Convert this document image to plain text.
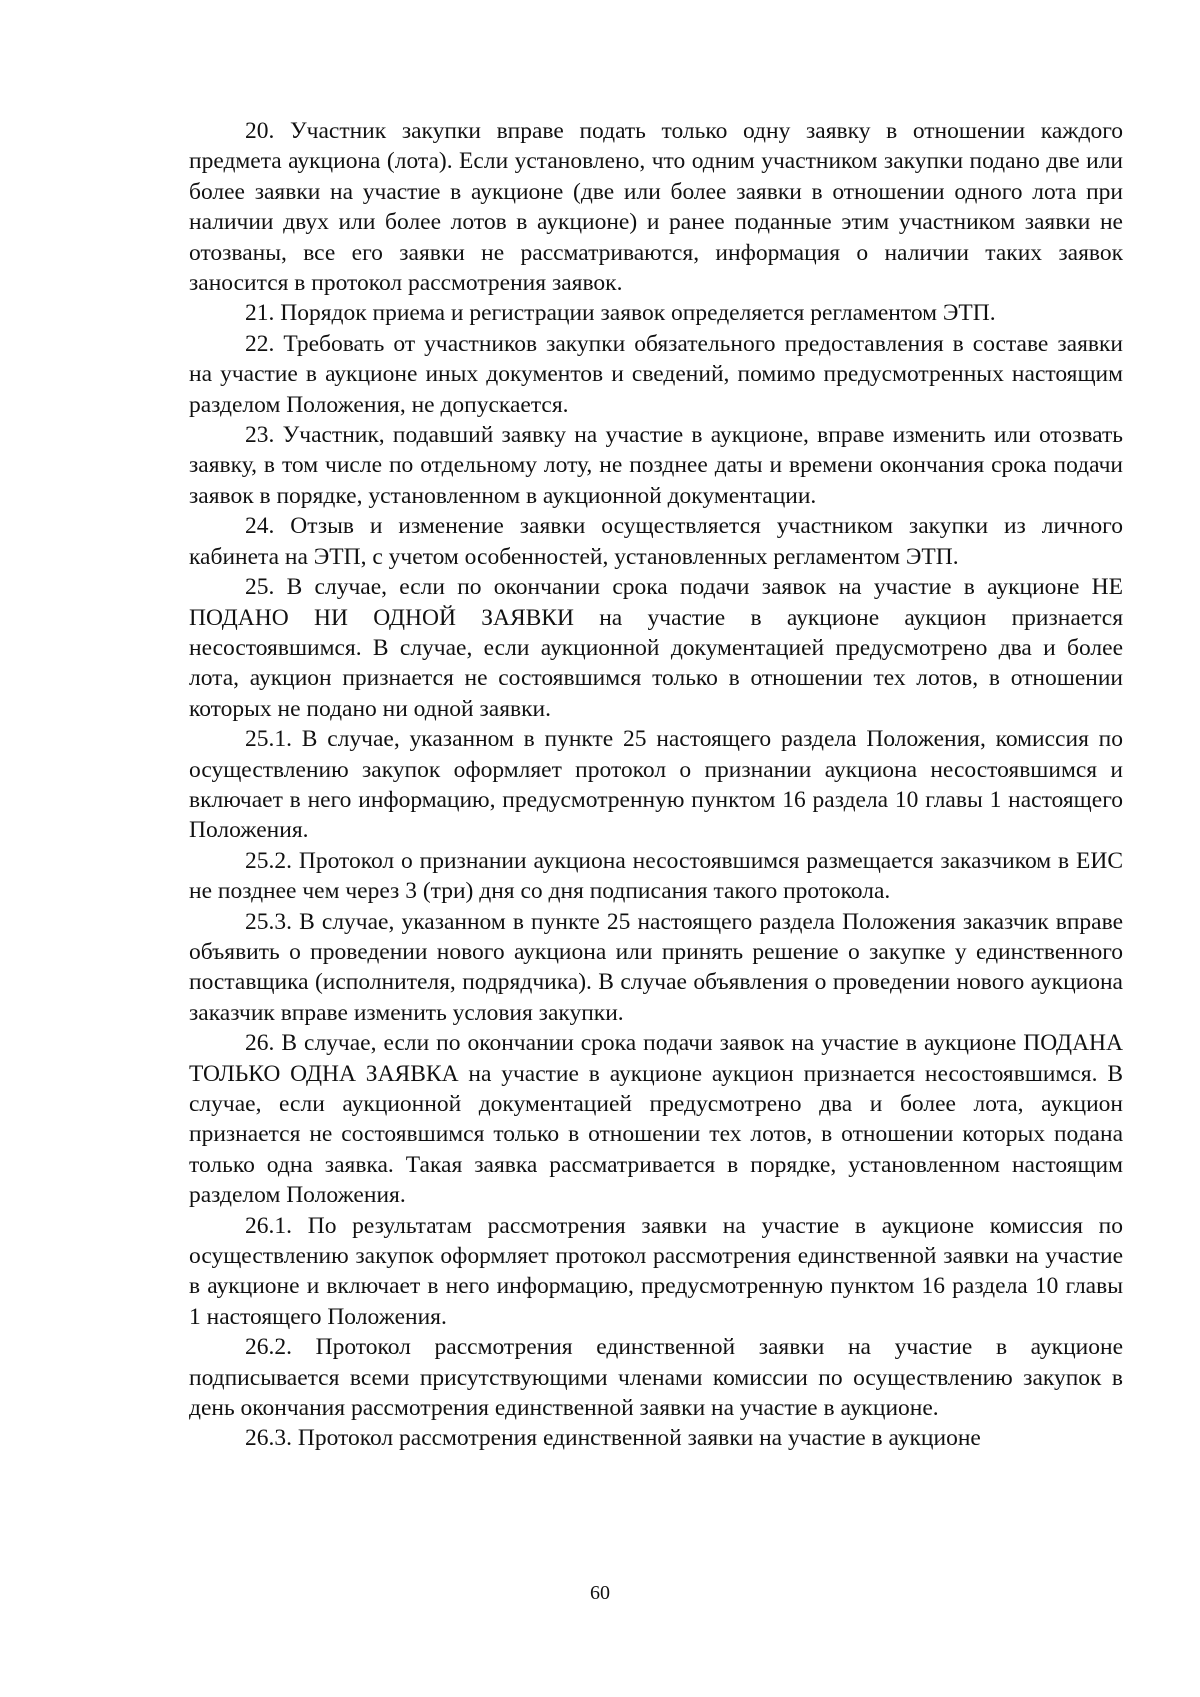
20. Участник закупки вправе подать только одну заявку в отношении каждого предмета аукциона (лота). Если установлено, что одним участником закупки подано две или более заявки на участие в аукционе (две или более заявки в отношении одного лота при наличии двух или более лотов в аукционе) и ранее поданные этим участником заявки не отозваны, все его заявки не рассматриваются, информация о наличии таких заявок заносится в протокол рассмотрения заявок.

21. Порядок приема и регистрации заявок определяется регламентом ЭТП.

22. Требовать от участников закупки обязательного предоставления в составе заявки на участие в аукционе иных документов и сведений, помимо предусмотренных настоящим разделом Положения, не допускается.

23. Участник, подавший заявку на участие в аукционе, вправе изменить или отозвать заявку, в том числе по отдельному лоту, не позднее даты и времени окончания срока подачи заявок в порядке, установленном в аукционной документации.

24. Отзыв и изменение заявки осуществляется участником закупки из личного кабинета на ЭТП, с учетом особенностей, установленных регламентом ЭТП.

25. В случае, если по окончании срока подачи заявок на участие в аукционе НЕ ПОДАНО НИ ОДНОЙ ЗАЯВКИ на участие в аукционе аукцион признается несостоявшимся. В случае, если аукционной документацией предусмотрено два и более лота, аукцион признается не состоявшимся только в отношении тех лотов, в отношении которых не подано ни одной заявки.

25.1. В случае, указанном в пункте 25 настоящего раздела Положения, комиссия по осуществлению закупок оформляет протокол о признании аукциона несостоявшимся и включает в него информацию, предусмотренную пунктом 16 раздела 10 главы 1 настоящего Положения.

25.2. Протокол о признании аукциона несостоявшимся размещается заказчиком в ЕИС не позднее чем через 3 (три) дня со дня подписания такого протокола.

25.3. В случае, указанном в пункте 25 настоящего раздела Положения заказчик вправе объявить о проведении нового аукциона или принять решение о закупке у единственного поставщика (исполнителя, подрядчика). В случае объявления о проведении нового аукциона заказчик вправе изменить условия закупки.

26. В случае, если по окончании срока подачи заявок на участие в аукционе ПОДАНА ТОЛЬКО ОДНА ЗАЯВКА на участие в аукционе аукцион признается несостоявшимся. В случае, если аукционной документацией предусмотрено два и более лота, аукцион признается не состоявшимся только в отношении тех лотов, в отношении которых подана только одна заявка. Такая заявка рассматривается в порядке, установленном настоящим разделом Положения.

26.1. По результатам рассмотрения заявки на участие в аукционе комиссия по осуществлению закупок оформляет протокол рассмотрения единственной заявки на участие в аукционе и включает в него информацию, предусмотренную пунктом 16 раздела 10 главы 1 настоящего Положения.

26.2. Протокол рассмотрения единственной заявки на участие в аукционе подписывается всеми присутствующими членами комиссии по осуществлению закупок в день окончания рассмотрения единственной заявки на участие в аукционе.

26.3. Протокол рассмотрения единственной заявки на участие в аукционе

60
